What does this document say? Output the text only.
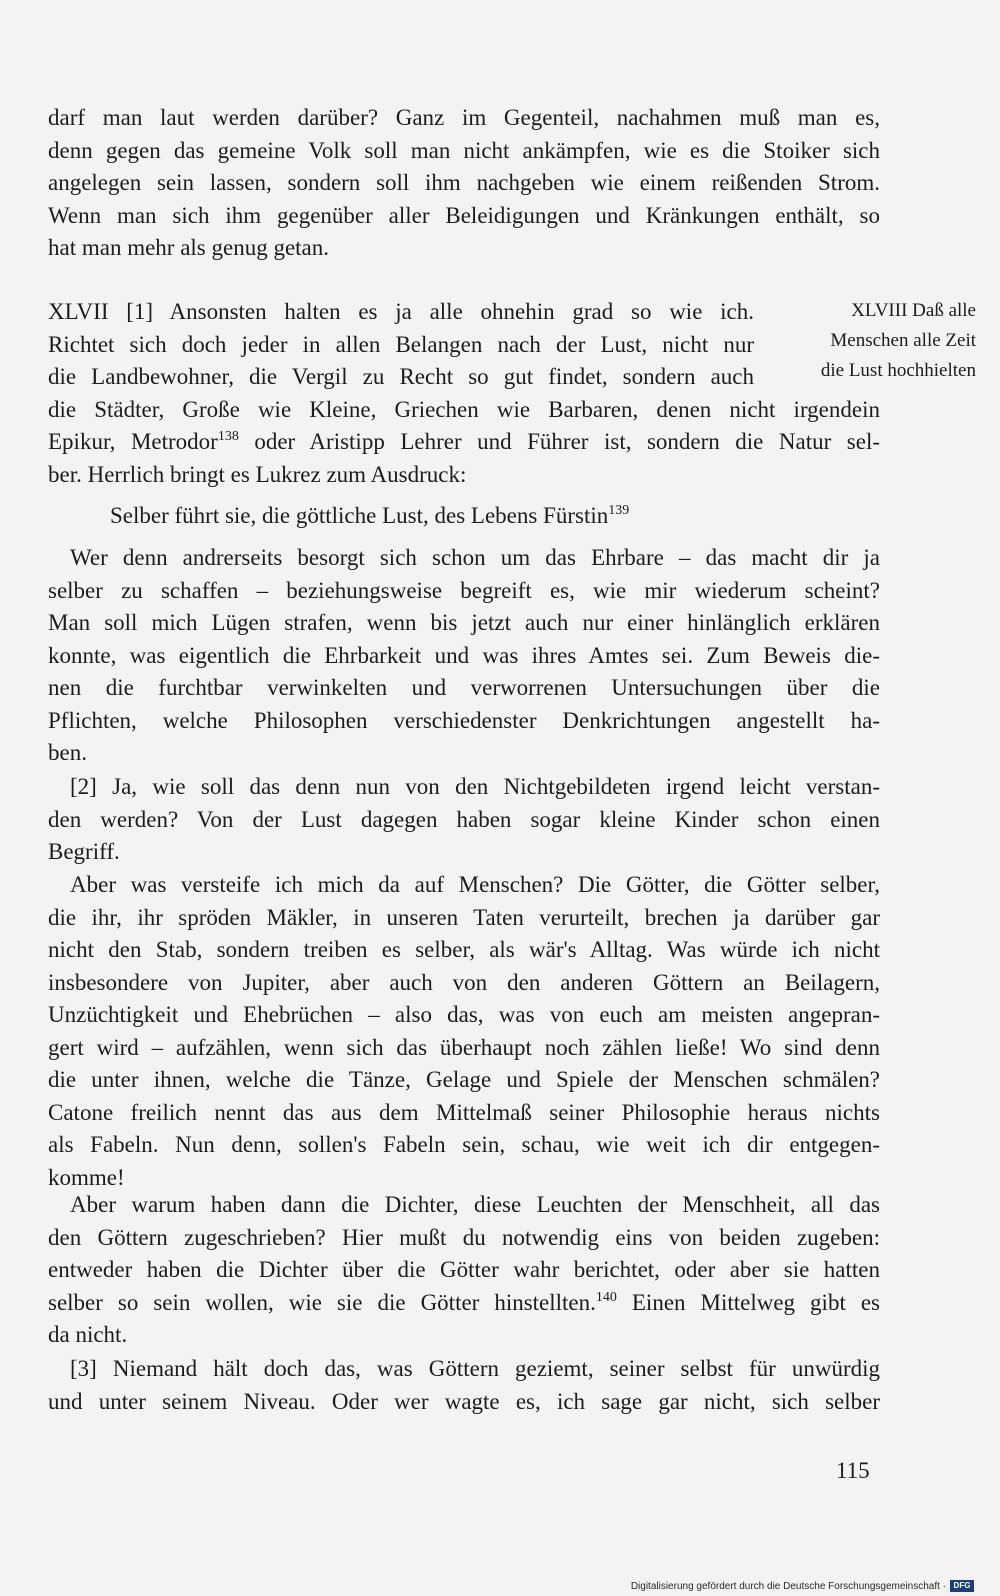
darf man laut werden darüber? Ganz im Gegenteil, nachahmen muß man es,
denn gegen das gemeine Volk soll man nicht ankämpfen, wie es die Stoiker sich
angelegen sein lassen, sondern soll ihm nachgeben wie einem reißenden Strom.
Wenn man sich ihm gegenüber aller Beleidigungen und Kränkungen enthält, so
hat man mehr als genug getan.
XLVII [1] Ansonsten halten es ja alle ohnehin grad so wie ich.
Richtet sich doch jeder in allen Belangen nach der Lust, nicht nur
die Landbewohner, die Vergil zu Recht so gut findet, sondern auch
die Städter, Große wie Kleine, Griechen wie Barbaren, denen nicht irgendein
Epikur, Metrodor$^{138}$ oder Aristipp Lehrer und Führer ist, sondern die Natur sel-
ber. Herrlich bringt es Lukrez zum Ausdruck:
XLVIII Daß alle
Menschen alle Zeit
die Lust hochhielten

Selber führt sie, die göttliche Lust, des Lebens Fürstin$^{139}$

Wer denn andrerseits besorgt sich schon um das Ehrbare – das macht dir ja
selber zu schaffen – beziehungsweise begreift es, wie mir wiederum scheint?
Man soll mich Lügen strafen, wenn bis jetzt auch nur einer hinlänglich erklären
konnte, was eigentlich die Ehrbarkeit und was ihres Amtes sei. Zum Beweis die-
nen die furchtbar verwinkelten und verworrenen Untersuchungen über die
Pflichten, welche Philosophen verschiedenster Denkrichtungen angestellt ha-
ben.
[2] Ja, wie soll das denn nun von den Nichtgebildeten irgend leicht verstan-
den werden? Von der Lust dagegen haben sogar kleine Kinder schon einen
Begriff.
Aber was versteife ich mich da auf Menschen? Die Götter, die Götter selber,
die ihr, ihr spröden Mäkler, in unseren Taten verurteilt, brechen ja darüber gar
nicht den Stab, sondern treiben es selber, als wär's Alltag. Was würde ich nicht
insbesondere von Jupiter, aber auch von den anderen Göttern an Beilagern,
Unzüchtigkeit und Ehebrüchen – also das, was von euch am meisten angepran-
gert wird – aufzählen, wenn sich das überhaupt noch zählen ließe! Wo sind denn
die unter ihnen, welche die Tänze, Gelage und Spiele der Menschen schmälen?
Catone freilich nennt das aus dem Mittelmaß seiner Philosophie heraus nichts
als Fabeln. Nun denn, sollen's Fabeln sein, schau, wie weit ich dir entgegen-
komme!
Aber warum haben dann die Dichter, diese Leuchten der Menschheit, all das
den Göttern zugeschrieben? Hier mußt du notwendig eins von beiden zugeben:
entweder haben die Dichter über die Götter wahr berichtet, oder aber sie hatten
selber so sein wollen, wie sie die Götter hinstellten.$^{140}$ Einen Mittelweg gibt es
da nicht.
[3] Niemand hält doch das, was Göttern geziemt, seiner selbst für unwürdig
und unter seinem Niveau. Oder wer wagte es, ich sage gar nicht, sich selber
115
Digitalisierung gefördert durch die Deutsche Forschungsgemeinschaft · DFG
